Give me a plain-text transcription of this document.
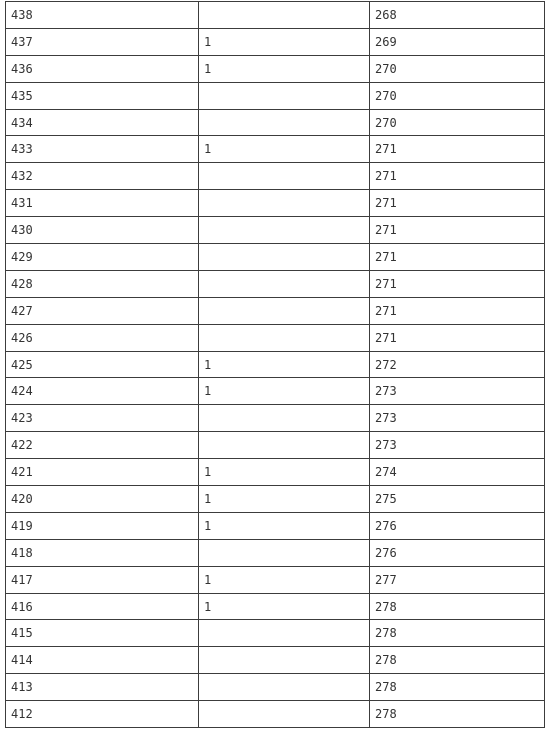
438		268
437	1	269
436	1	270
435		270
434		270
433	1	271
432		271
431		271
430		271
429		271
428		271
427		271
426		271
425	1	272
424	1	273
423		273
422		273
421	1	274
420	1	275
419	1	276
418		276
417	1	277
416	1	278
415		278
414		278
413		278
412		278
